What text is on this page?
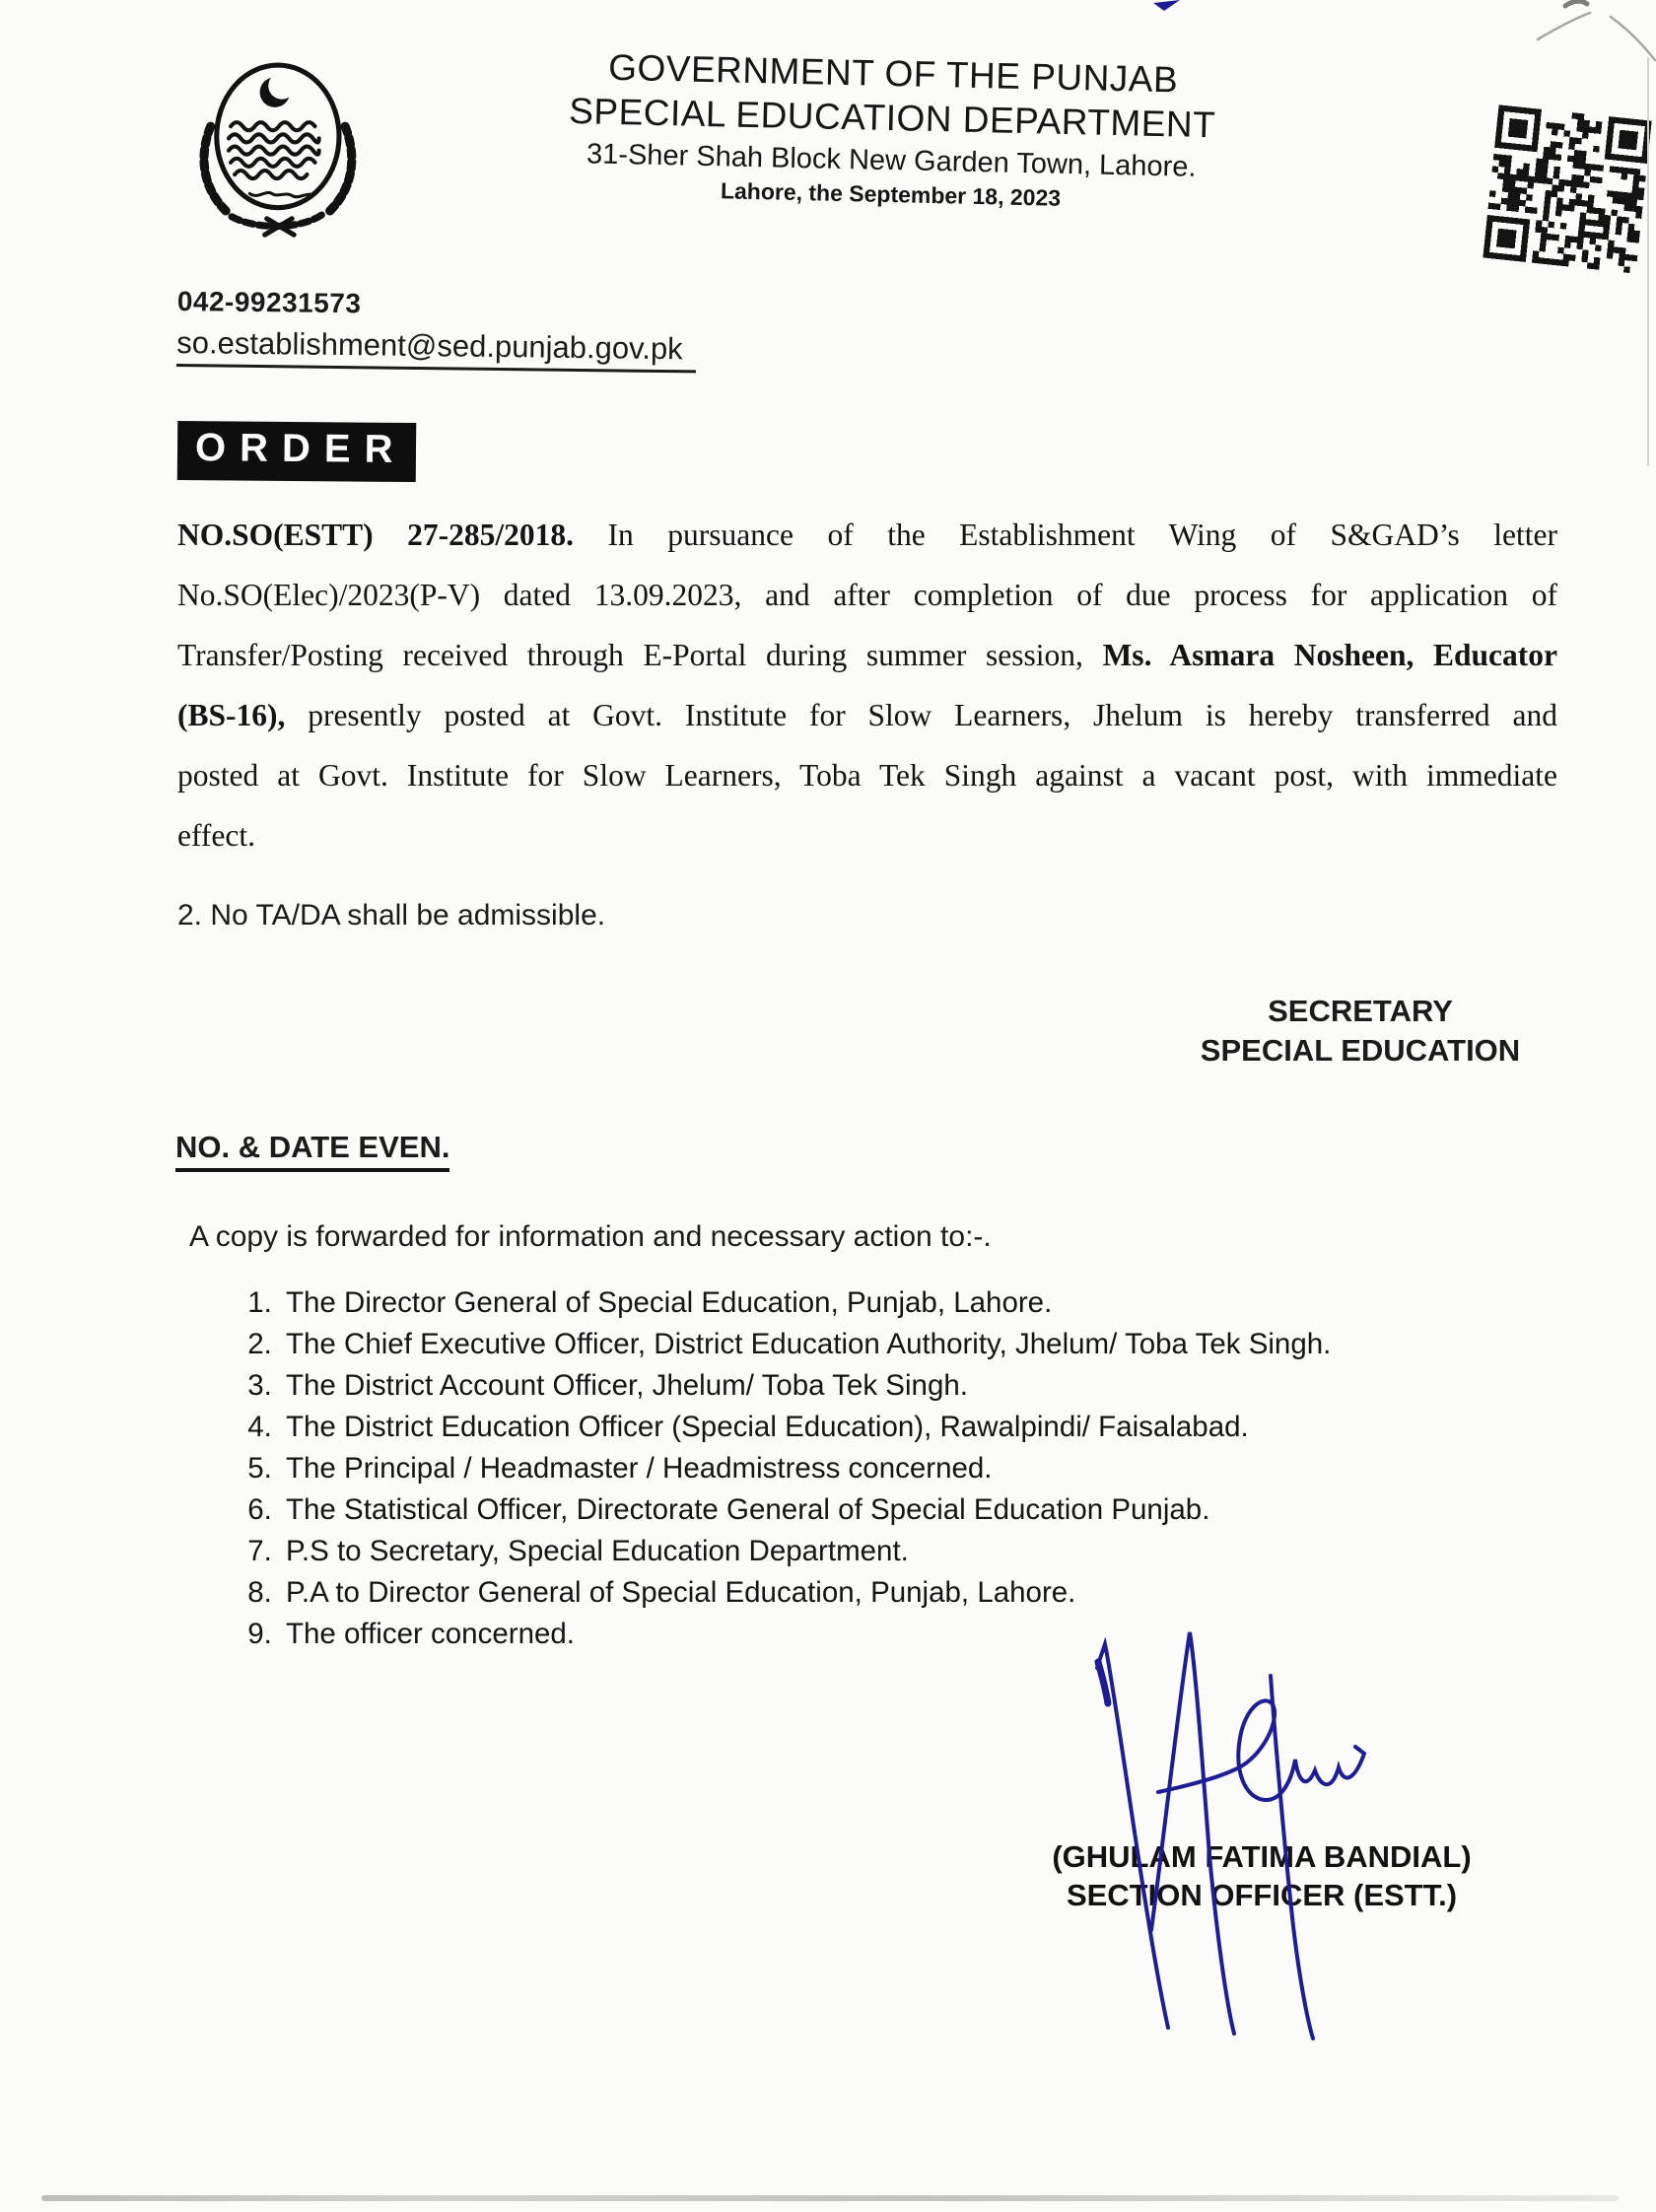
GOVERNMENT OF THE PUNJAB
SPECIAL EDUCATION DEPARTMENT
31-Sher Shah Block New Garden Town, Lahore.
Lahore, the September 18, 2023
042-99231573
so.establishment@sed.punjab.gov.pk
ORDER
NO.SO(ESTT) 27-285/2018. In pursuance of the Establishment Wing of S&GAD’s letter No.SO(Elec)/2023(P-V) dated 13.09.2023, and after completion of due process for application of Transfer/Posting received through E-Portal during summer session, Ms. Asmara Nosheen, Educator (BS-16), presently posted at Govt. Institute for Slow Learners, Jhelum is hereby transferred and posted at Govt. Institute for Slow Learners, Toba Tek Singh against a vacant post, with immediate effect.
2. No TA/DA shall be admissible.
SECRETARY
SPECIAL EDUCATION
NO. & DATE EVEN.
A copy is forwarded for information and necessary action to:-.
1. The Director General of Special Education, Punjab, Lahore.
2. The Chief Executive Officer, District Education Authority, Jhelum/ Toba Tek Singh.
3. The District Account Officer, Jhelum/ Toba Tek Singh.
4. The District Education Officer (Special Education), Rawalpindi/ Faisalabad.
5. The Principal / Headmaster / Headmistress concerned.
6. The Statistical Officer, Directorate General of Special Education Punjab.
7. P.S to Secretary, Special Education Department.
8. P.A to Director General of Special Education, Punjab, Lahore.
9. The officer concerned.
(GHULAM FATIMA BANDIAL)
SECTION OFFICER (ESTT.)
